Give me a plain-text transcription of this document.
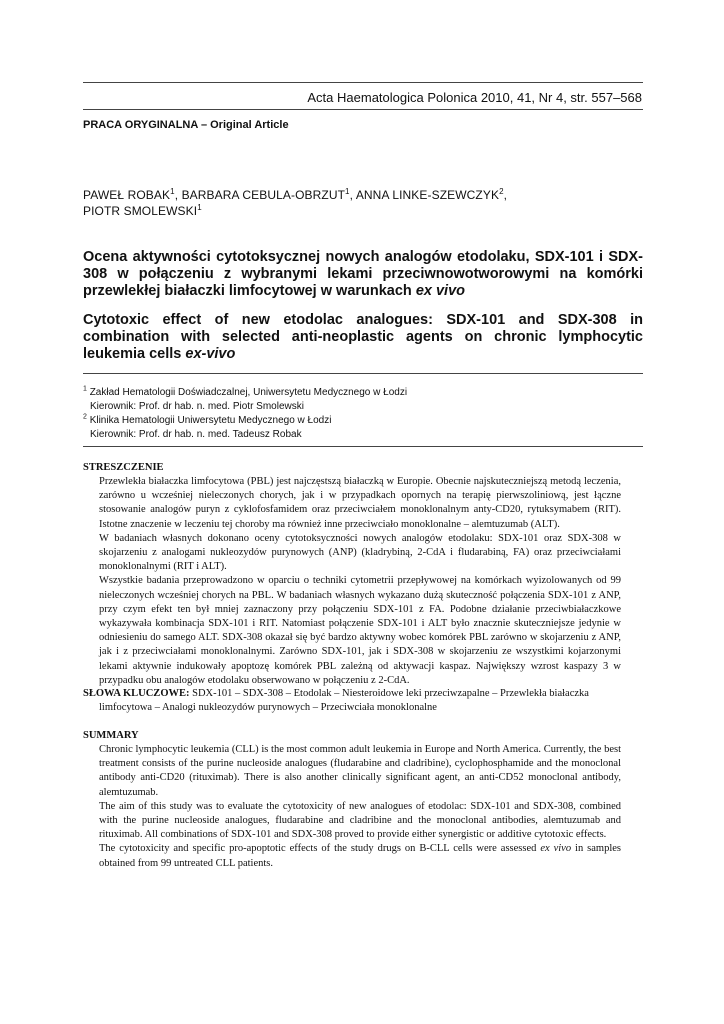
Acta Haematologica Polonica 2010, 41, Nr 4, str. 557–568
PRACA ORYGINALNA – Original Article
PAWEŁ ROBAK$^1$, BARBARA CEBULA-OBRZUT$^1$, ANNA LINKE-SZEWCZYK$^2$,
PIOTR SMOLEWSKI$^1$
Ocena aktywności cytotoksycznej nowych analogów etodolaku, SDX-101 i SDX-308 w połączeniu z wybranymi lekami przeciwnowotworowymi na komórki przewlekłej białaczki limfocytowej w warunkach ex vivo
Cytotoxic effect of new etodolac analogues: SDX-101 and SDX-308 in combination with selected anti-neoplastic agents on chronic lymphocytic leukemia cells ex-vivo
$^1$ Zakład Hematologii Doświadczalnej, Uniwersytetu Medycznego w Łodzi
Kierownik: Prof. dr hab. n. med. Piotr Smolewski
$^2$ Klinika Hematologii Uniwersytetu Medycznego w Łodzi
Kierownik: Prof. dr hab. n. med. Tadeusz Robak
STRESZCZENIE

Przewlekła białaczka limfocytowa (PBL) jest najczęstszą białaczką w Europie. Obecnie najskuteczniejszą metodą leczenia, zarówno u wcześniej nieleczonych chorych, jak i w przypadkach opornych na terapię pierwszoliniową, jest łączne stosowanie analogów puryn z cyklofosfamidem oraz przeciwciałem monoklonalnym anty-CD20, rytuksymabem (RIT). Istotne znaczenie w leczeniu tej choroby ma również inne przeciwciało monoklonalne – alemtuzumab (ALT).

W badaniach własnych dokonano oceny cytotoksyczności nowych analogów etodolaku: SDX-101 oraz SDX-308 w skojarzeniu z analogami nukleozydów purynowych (ANP) (kladrybiną, 2-CdA i fludarabiną, FA) oraz przeciwciałami monoklonalnymi (RIT i ALT).

Wszystkie badania przeprowadzono w oparciu o techniki cytometrii przepływowej na komórkach wyizolowanych od 99 nieleczonych wcześniej chorych na PBL. W badaniach własnych wykazano dużą skuteczność połączenia SDX-101 z ANP, przy czym efekt ten był mniej zaznaczony przy połączeniu SDX-101 z FA. Podobne działanie przeciwbiałaczkowe wykazywała kombinacja SDX-101 i RIT. Natomiast połączenie SDX-101 i ALT było znacznie skuteczniejsze jedynie w odniesieniu do samego ALT. SDX-308 okazał się być bardzo aktywny wobec komórek PBL zarówno w skojarzeniu z ANP, jak i z przeciwciałami monoklonalnymi. Zarówno SDX-101, jak i SDX-308 w skojarzeniu ze wszystkimi kojarzonymi lekami aktywnie indukowały apoptozę komórek PBL zależną od aktywacji kaspaz. Największy wzrost kaspazy 3 w przypadku obu analogów etodolaku obserwowano w połączeniu z 2-CdA.

SŁOWA KLUCZOWE: SDX-101 – SDX-308 – Etodolak – Niesteroidowe leki przeciwzapalne – Przewlekła białaczka
limfocytowa – Analogi nukleozydów purynowych – Przeciwciała monoklonalne
SUMMARY

Chronic lymphocytic leukemia (CLL) is the most common adult leukemia in Europe and North America. Currently, the best treatment consists of the purine nucleoside analogues (fludarabine and cladribine), cyclophosphamide and the monoclonal antibody anti-CD20 (rituximab). There is also another clinically significant agent, an anti-CD52 monoclonal antibody, alemtuzumab.

The aim of this study was to evaluate the cytotoxicity of new analogues of etodolac: SDX-101 and SDX-308, combined with the purine nucleoside analogues, fludarabine and cladribine and the monoclonal antibodies, alemtuzumab and rituximab. All combinations of SDX-101 and SDX-308 proved to provide either synergistic or additive cytotoxic effects.

The cytotoxicity and specific pro-apoptotic effects of the study drugs on B-CLL cells were assessed ex vivo in samples obtained from 99 untreated CLL patients.
